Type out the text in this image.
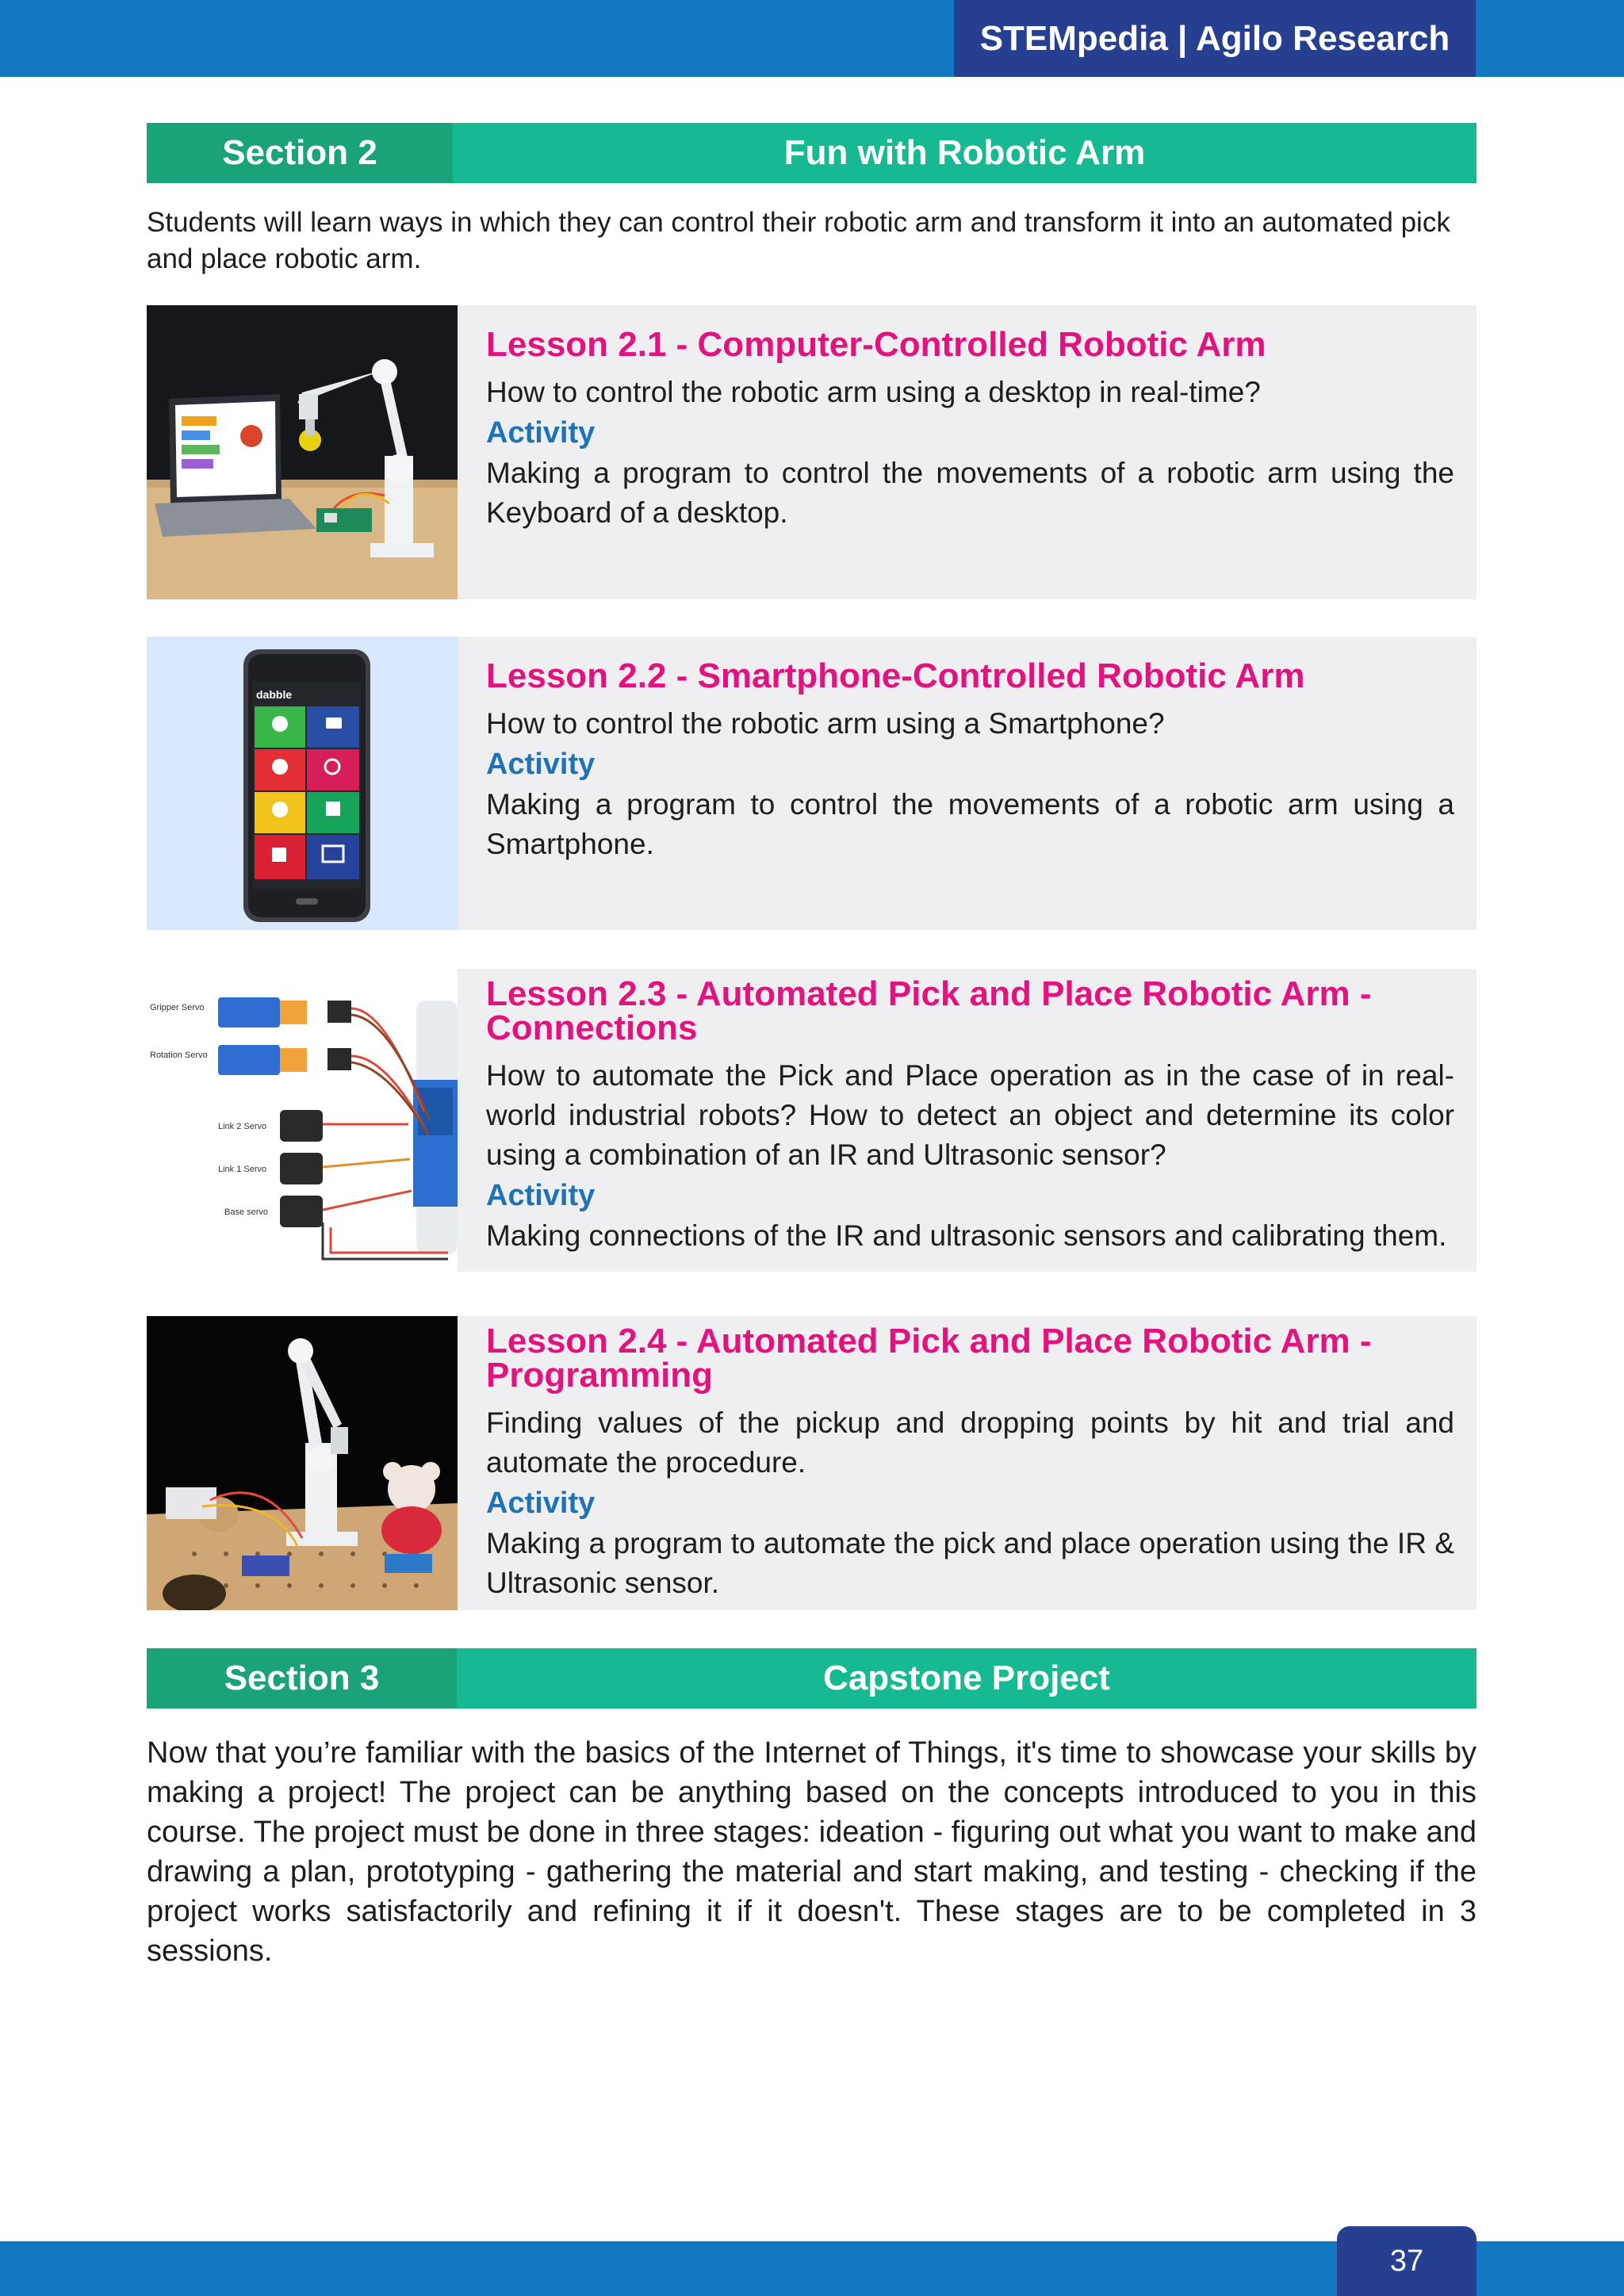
STEMpedia | Agilo Research
Section 2	Fun with Robotic Arm

Students will learn ways in which they can control their robotic arm and transform it into an automated pick and place robotic arm.

Lesson 2.1 - Computer-Controlled Robotic Arm

How to control the robotic arm using a desktop in real-time?

Activity

Making a program to control the movements of a robotic arm using the Keyboard of a desktop.

dabble	Lesson 2.2 - Smartphone-Controlled Robotic Arm

How to control the robotic arm using a Smartphone?

Activity

Making a program to control the movements of a robotic arm using a Smartphone.

Gripper Servo
Rotation Servo
Link 2 Servo
Link 1 Servo
Base servo
Lesson 2.3 - Automated Pick and Place Robotic Arm - Connections

How to automate the Pick and Place operation as in the case of in real-world industrial robots? How to detect an object and determine its color using a combination of an IR and Ultrasonic sensor?

Activity

Making connections of the IR and ultrasonic sensors and calibrating them.

Lesson 2.4 - Automated Pick and Place Robotic Arm - Programming

Finding values of the pickup and dropping points by hit and trial and automate the procedure.

Activity

Making a program to automate the pick and place operation using the IR & Ultrasonic sensor.

Section 3	Capstone Project

Now that you’re familiar with the basics of the Internet of Things, it's time to showcase your skills by making a project! The project can be anything based on the concepts introduced to you in this course. The project must be done in three stages: ideation - figuring out what you want to make and drawing a plan, prototyping - gathering the material and start making, and testing - checking if the project works satisfactorily and refining it if it doesn't. These stages are to be completed in 3 sessions.

37
